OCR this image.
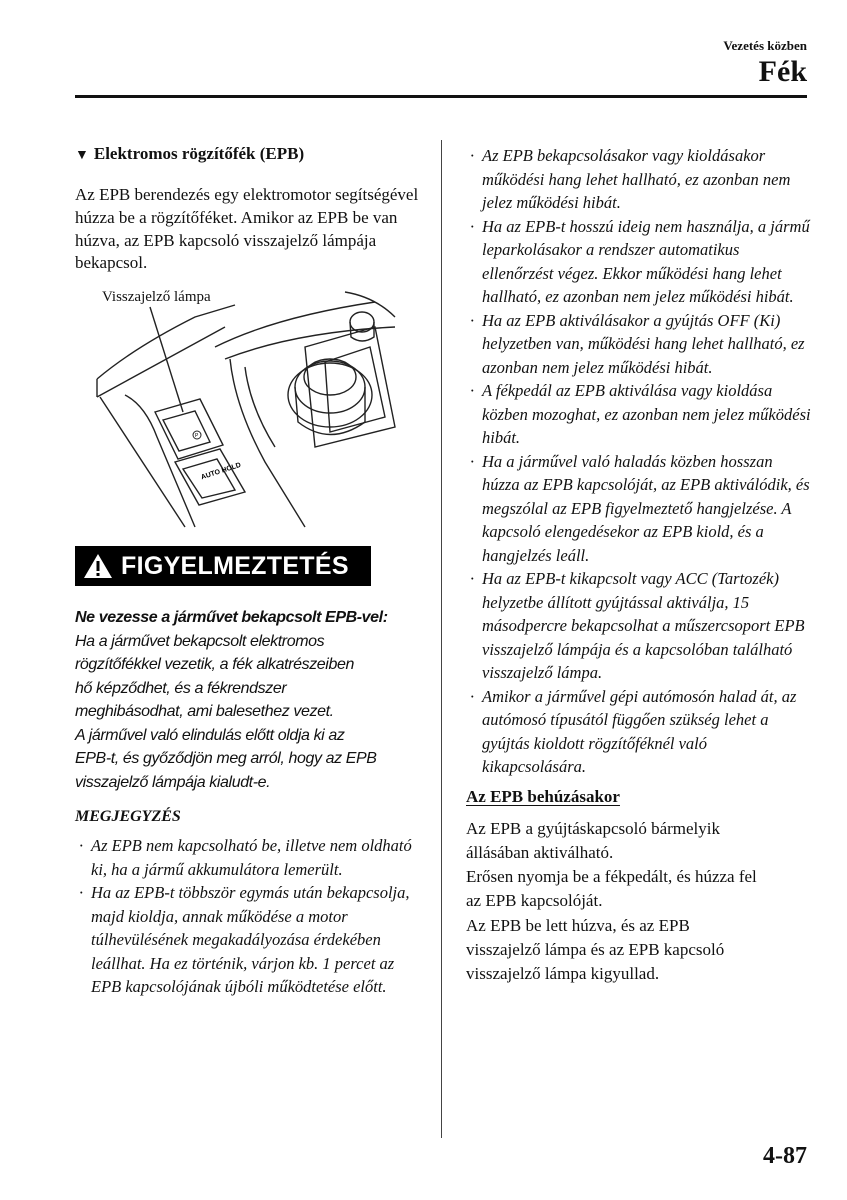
Vezetés közben
Fék
▼ Elektromos rögzítőfék (EPB)
Az EPB berendezés egy elektromotor segítségével húzza be a rögzítőféket. Amikor az EPB be van húzva, az EPB kapcsoló visszajelző lámpája bekapcsol.
P
AUTO HOLD
Visszajelző lámpa
FIGYELMEZTETÉS
Ne vezesse a járművet bekapcsolt EPB-vel:
Ha a járművet bekapcsolt elektromos
rögzítőfékkel vezetik, a fék alkatrészeiben
hő képződhet, és a fékrendszer
meghibásodhat, ami balesethez vezet.
A járművel való elindulás előtt oldja ki az
EPB-t, és győződjön meg arról, hogy az EPB
visszajelző lámpája kialudt-e.
MEGJEGYZÉS
· Az EPB nem kapcsolható be, illetve nem oldható ki, ha a jármű akkumulátora lemerült.
· Ha az EPB-t többször egymás után bekapcsolja, majd kioldja, annak működése a motor túlhevülésének megakadályozása érdekében leállhat. Ha ez történik, várjon kb. 1 percet az EPB kapcsolójának újbóli működtetése előtt.
· Az EPB bekapcsolásakor vagy kioldásakor működési hang lehet hallható, ez azonban nem jelez működési hibát.
· Ha az EPB-t hosszú ideig nem használja, a jármű leparkolásakor a rendszer automatikus ellenőrzést végez. Ekkor működési hang lehet hallható, ez azonban nem jelez működési hibát.
· Ha az EPB aktiválásakor a gyújtás OFF (Ki) helyzetben van, működési hang lehet hallható, ez azonban nem jelez működési hibát.
· A fékpedál az EPB aktiválása vagy kioldása közben mozoghat, ez azonban nem jelez működési hibát.
· Ha a járművel való haladás közben hosszan húzza az EPB kapcsolóját, az EPB aktiválódik, és megszólal az EPB figyelmeztető hangjelzése. A kapcsoló elengedésekor az EPB kiold, és a hangjelzés leáll.
· Ha az EPB-t kikapcsolt vagy ACC (Tartozék) helyzetbe állított gyújtással aktiválja, 15 másodpercre bekapcsolhat a műszercsoport EPB visszajelző lámpája és a kapcsolóban található visszajelző lámpa.
· Amikor a járművel gépi autómosón halad át, az autómosó típusától függően szükség lehet a gyújtás kioldott rögzítőféknél való kikapcsolására.
Az EPB behúzásakor
Az EPB a gyújtáskapcsoló bármelyik
állásában aktiválható.
Erősen nyomja be a fékpedált, és húzza fel
az EPB kapcsolóját.
Az EPB be lett húzva, és az EPB
visszajelző lámpa és az EPB kapcsoló
visszajelző lámpa kigyullad.
4-87
